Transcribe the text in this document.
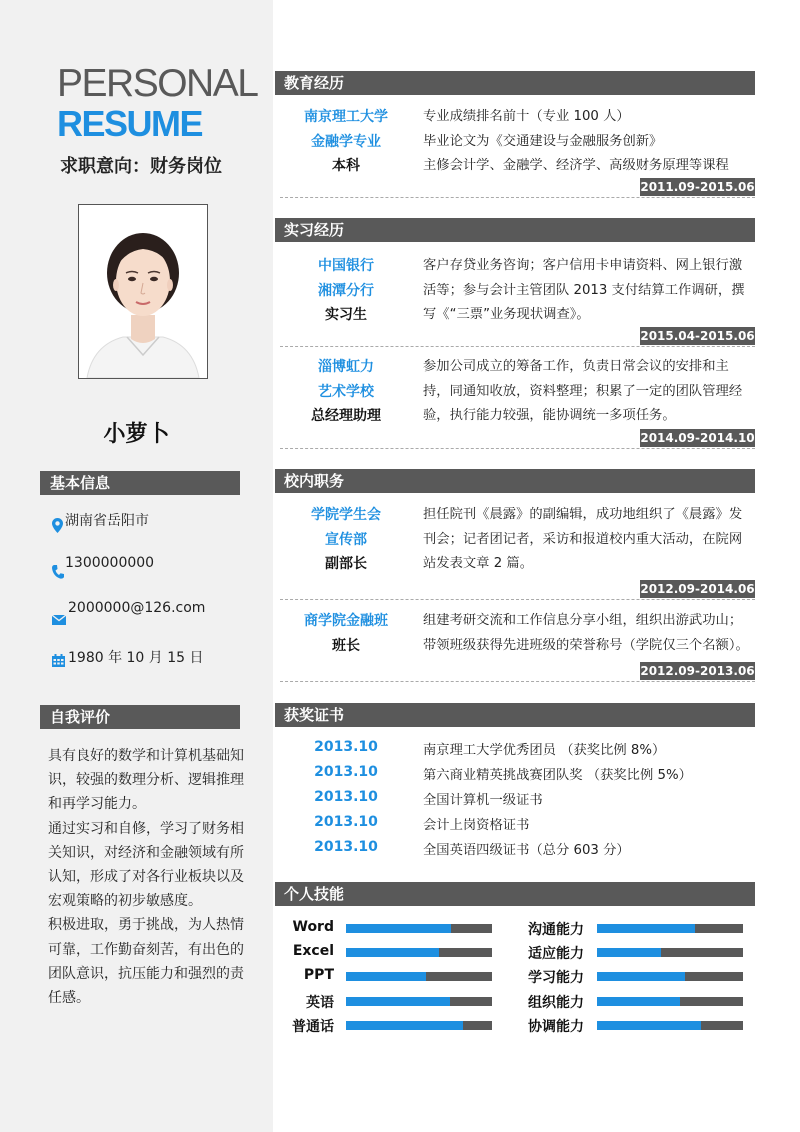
PERSONAL
RESUME
求职意向：财务岗位
小萝卜
基本信息
湖南省岳阳市
1300000000
2000000@126.com
1980 年 10 月 15 日
自我评价

具有良好的数学和计算机基础知识，较强的数理分析、逻辑推理和再学习能力。

通过实习和自修，学习了财务相关知识，对经济和金融领域有所认知，形成了对各行业板块以及宏观策略的初步敏感度。

积极进取，勇于挑战，为人热情可靠，工作勤奋刻苦，有出色的团队意识，抗压能力和强烈的责任感。

教育经历
南京理工大学
金融学专业
本科

专业成绩排名前十（专业 100 人）

毕业论文为《交通建设与金融服务创新》

主修会计学、金融学、经济学、高级财务原理等课程

2011.09-2015.06
实习经历
中国银行
湘潭分行
实习生

客户存贷业务咨询；客户信用卡申请资料、网上银行激活等；参与会计主管团队 2013 支付结算工作调研，撰写《“三票”业务现状调查》。

2015.04-2015.06
淄博虹力
艺术学校
总经理助理

参加公司成立的筹备工作，负责日常会议的安排和主持，同通知收放，资料整理；积累了一定的团队管理经验，执行能力较强，能协调统一多项任务。

2014.09-2014.10
校内职务
学院学生会
宣传部
副部长

担任院刊《晨露》的副编辑，成功地组织了《晨露》发刊会；记者团记者，采访和报道校内重大活动，在院网站发表文章 2 篇。

2012.09-2014.06
商学院金融班
班长

组建考研交流和工作信息分享小组，组织出游武功山；带领班级获得先进班级的荣誉称号（学院仅三个名额）。

2012.09-2013.06
获奖证书
2013.10	南京理工大学优秀团员 （获奖比例 8%）
2013.10	第六商业精英挑战赛团队奖 （获奖比例 5%）
2013.10	全国计算机一级证书
2013.10	会计上岗资格证书
2013.10	全国英语四级证书（总分 603 分）
个人技能
Word
Excel
PPT
英语
普通话
沟通能力
适应能力
学习能力
组织能力
协调能力
